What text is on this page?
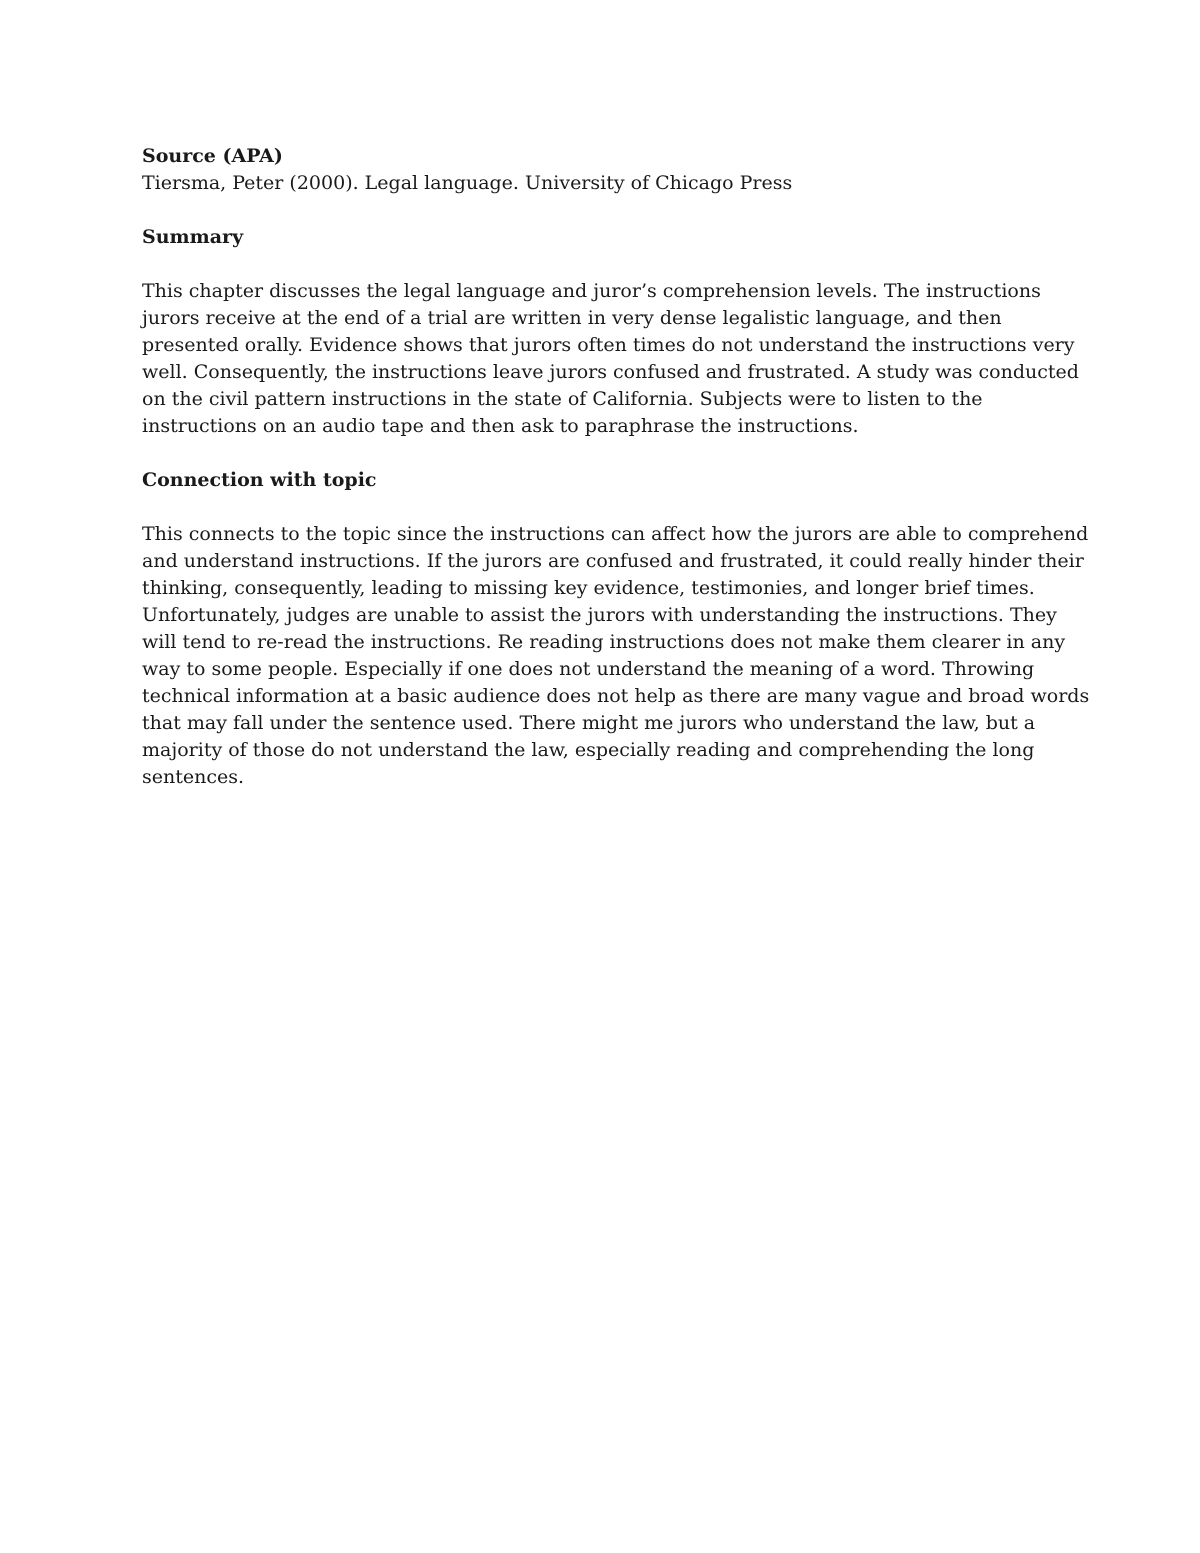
Source (APA)

Tiersma, Peter (2000). Legal language. University of Chicago Press

Summary

This chapter discusses the legal language and juror’s comprehension levels. The instructions

jurors receive at the end of a trial are written in very dense legalistic language, and then

presented orally. Evidence shows that jurors often times do not understand the instructions very

well. Consequently, the instructions leave jurors confused and frustrated. A study was conducted

on the civil pattern instructions in the state of California. Subjects were to listen to the

instructions on an audio tape and then ask to paraphrase the instructions.

Connection with topic

This connects to the topic since the instructions can affect how the jurors are able to comprehend

and understand instructions. If the jurors are confused and frustrated, it could really hinder their

thinking, consequently, leading to missing key evidence, testimonies, and longer brief times.

Unfortunately, judges are unable to assist the jurors with understanding the instructions. They

will tend to re-read the instructions. Re reading instructions does not make them clearer in any

way to some people. Especially if one does not understand the meaning of a word. Throwing

technical information at a basic audience does not help as there are many vague and broad words

that may fall under the sentence used. There might me jurors who understand the law, but a

majority of those do not understand the law, especially reading and comprehending the long

sentences.
